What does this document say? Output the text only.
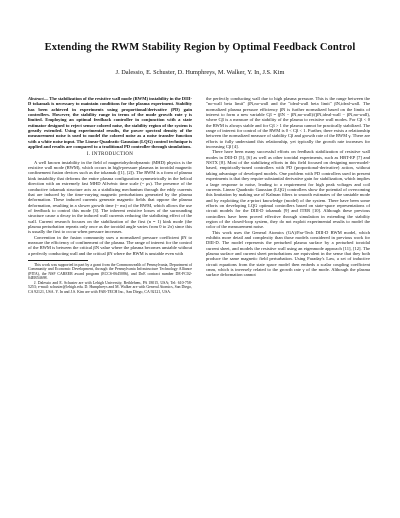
Extending the RWM Stability Region by Optimal Feedback Control
J. Dalessio, E. Schuster, D. Humphreys, M. Walker, Y. In, J.S. Kim

Abstract— The stabilization of the resistive wall mode (RWM) instability in the DIII-D tokamak is necessary to maintain conditions for the plasma experiment. Stability has been achieved in experiments using proportional/derivative (PD) gain controllers. However, the stability range in terms of the mode growth rate γ is limited. Employing an optimal feedback controller in conjunction with a state estimator designed to reject sensor colored noise, the stability region of the system is greatly extended. Using experimental results, the power spectral density of the measurement noise is used to model the colored noise as a noise transfer function with a white noise input. The Linear Quadratic Gaussian (LQG) control technique is applied and results are compared to a traditional PD controller through simulations.

I. INTRODUCTION

A well known instability in the field of magnetohydrodynamic (MHD) physics is the resistive wall mode (RWM), which occurs in high-pressure plasmas in toroidal magnetic confinement fusion devices such as the tokamak ([1], [2]). The RWM is a form of plasma kink instability that deforms the entire plasma configuration symmetrically in the helical direction with an extremely fast MHD Alfvénic time scale (~ μs). The presence of the conductive tokamak structure acts as a stabilizing mechanism through the eddy currents that are induced by the time-varying magnetic perturbations generated by the plasma deformation. These induced currents generate magnetic fields that oppose the plasma deformation, resulting in a slower growth time (~ ms) of the RWM, which allows the use of feedback to control this mode [3]. The inherent resistive losses of the surrounding structure cause a decay in the induced wall currents reducing the stabilizing effect of the wall. Current research focuses on the stabilization of the first (n = 1) kink mode (the plasma perturbation repeats only once as the toroidal angle varies from 0 to 2π) since this is usually the first to occur when pressure increases.

Convention in the fusion community uses a normalized pressure coefficient βN to measure the efficiency of confinement of the plasma. The range of interest for the control of the RWM is between the critical βN value where the plasma becomes unstable without a perfectly conducting wall and the critical βN where the RWM is unstable even with

This work was supported in part by a grant from the Commonwealth of Pennsylvania, Department of Community and Economic Development, through the Pennsylvania Infrastructure Technology Alliance (PITA), the NSF CAREER award program (ECCS-0645086), and DoE contract number DE-FC02-04ER54698.

J. Dalessio and E. Schuster are with Lehigh University, Bethlehem, PA 18015, USA; Tel: 610-758-5253; e-mail: schuster@lehigh.edu. D. Humphreys and M. Walker are with General Atomics, San Diego, CA 92121, USA. Y. In and J.S. Kim are with FAR-TECH Inc., San Diego, CA 92121, USA.

the perfectly conducting wall due to high plasma pressure. This is the range between the "no-wall beta limit" βN,no-wall and the "ideal-wall beta limit" βN,ideal-wall. The normalized plasma pressure efficiency βN is further normalized based on the limits of interest to form a new variable Cβ = (βN − βN,no-wall)/(βN,ideal-wall − βN,no-wall), where Cβ is a measure of the stability of the plasma to resistive wall modes. For Cβ < 0 the RWM is always stable and for Cβ > 1 the plasma cannot be practically stabilized. The range of interest for control of the RWM is 0 < Cβ < 1. Further, there exists a relationship between the normalized measure of stability Cβ and growth rate of the RWM γ. There are efforts to fully understand this relationship, yet typically the growth rate increases for increasing Cβ [4].

There have been many successful efforts on feedback stabilization of resistive wall modes in DIII-D [5], [6] as well as other toroidal experiments, such as HBT-EP [7] and NSTX [8]. Most of the stabilizing efforts in this field focused on designing non-model-based, empirically-tuned controllers with PD (proportional-derivative) action, without taking advantage of developed models. One problem with PD controllers used in present experiments is that they require substantial derivative gain for stabilization, which implies a large response to noise, leading to a requirement for high peak voltages and coil currents. Linear Quadratic Gaussian (LQG) controllers show the potential of overcoming this limitation by making use of Kalman filters to smooth estimates of the unstable mode and by exploiting the a-priori knowledge (model) of the system. There have been some efforts on developing LQG optimal controllers based on state-space representations of circuit models for the DIII-D tokamak [9] and ITER [10]. Although these previous controllers have been proved effective through simulation in extending the stability region of the closed-loop system, they do not exploit experimental results to model the color of the measurement noise.

This work uses the General Atomics (GA)/Far-Tech DIII-D RWM model, which exhibits more detail and complexity than those models considered in previous work for DIII-D. The model represents the perturbed plasma surface by a perturbed toroidal current sheet, and models the resistive wall using an eigenmode approach [11], [12]. The plasma surface and current sheet perturbations are equivalent in the sense that they both produce the same magnetic field perturbation. Using Faraday's Law, a set of inductive circuit equations from the state space model then embeds a scalar coupling coefficient cmm, which is inversely related to the growth rate γ of the mode. Although the plasma surface deformation cannot
